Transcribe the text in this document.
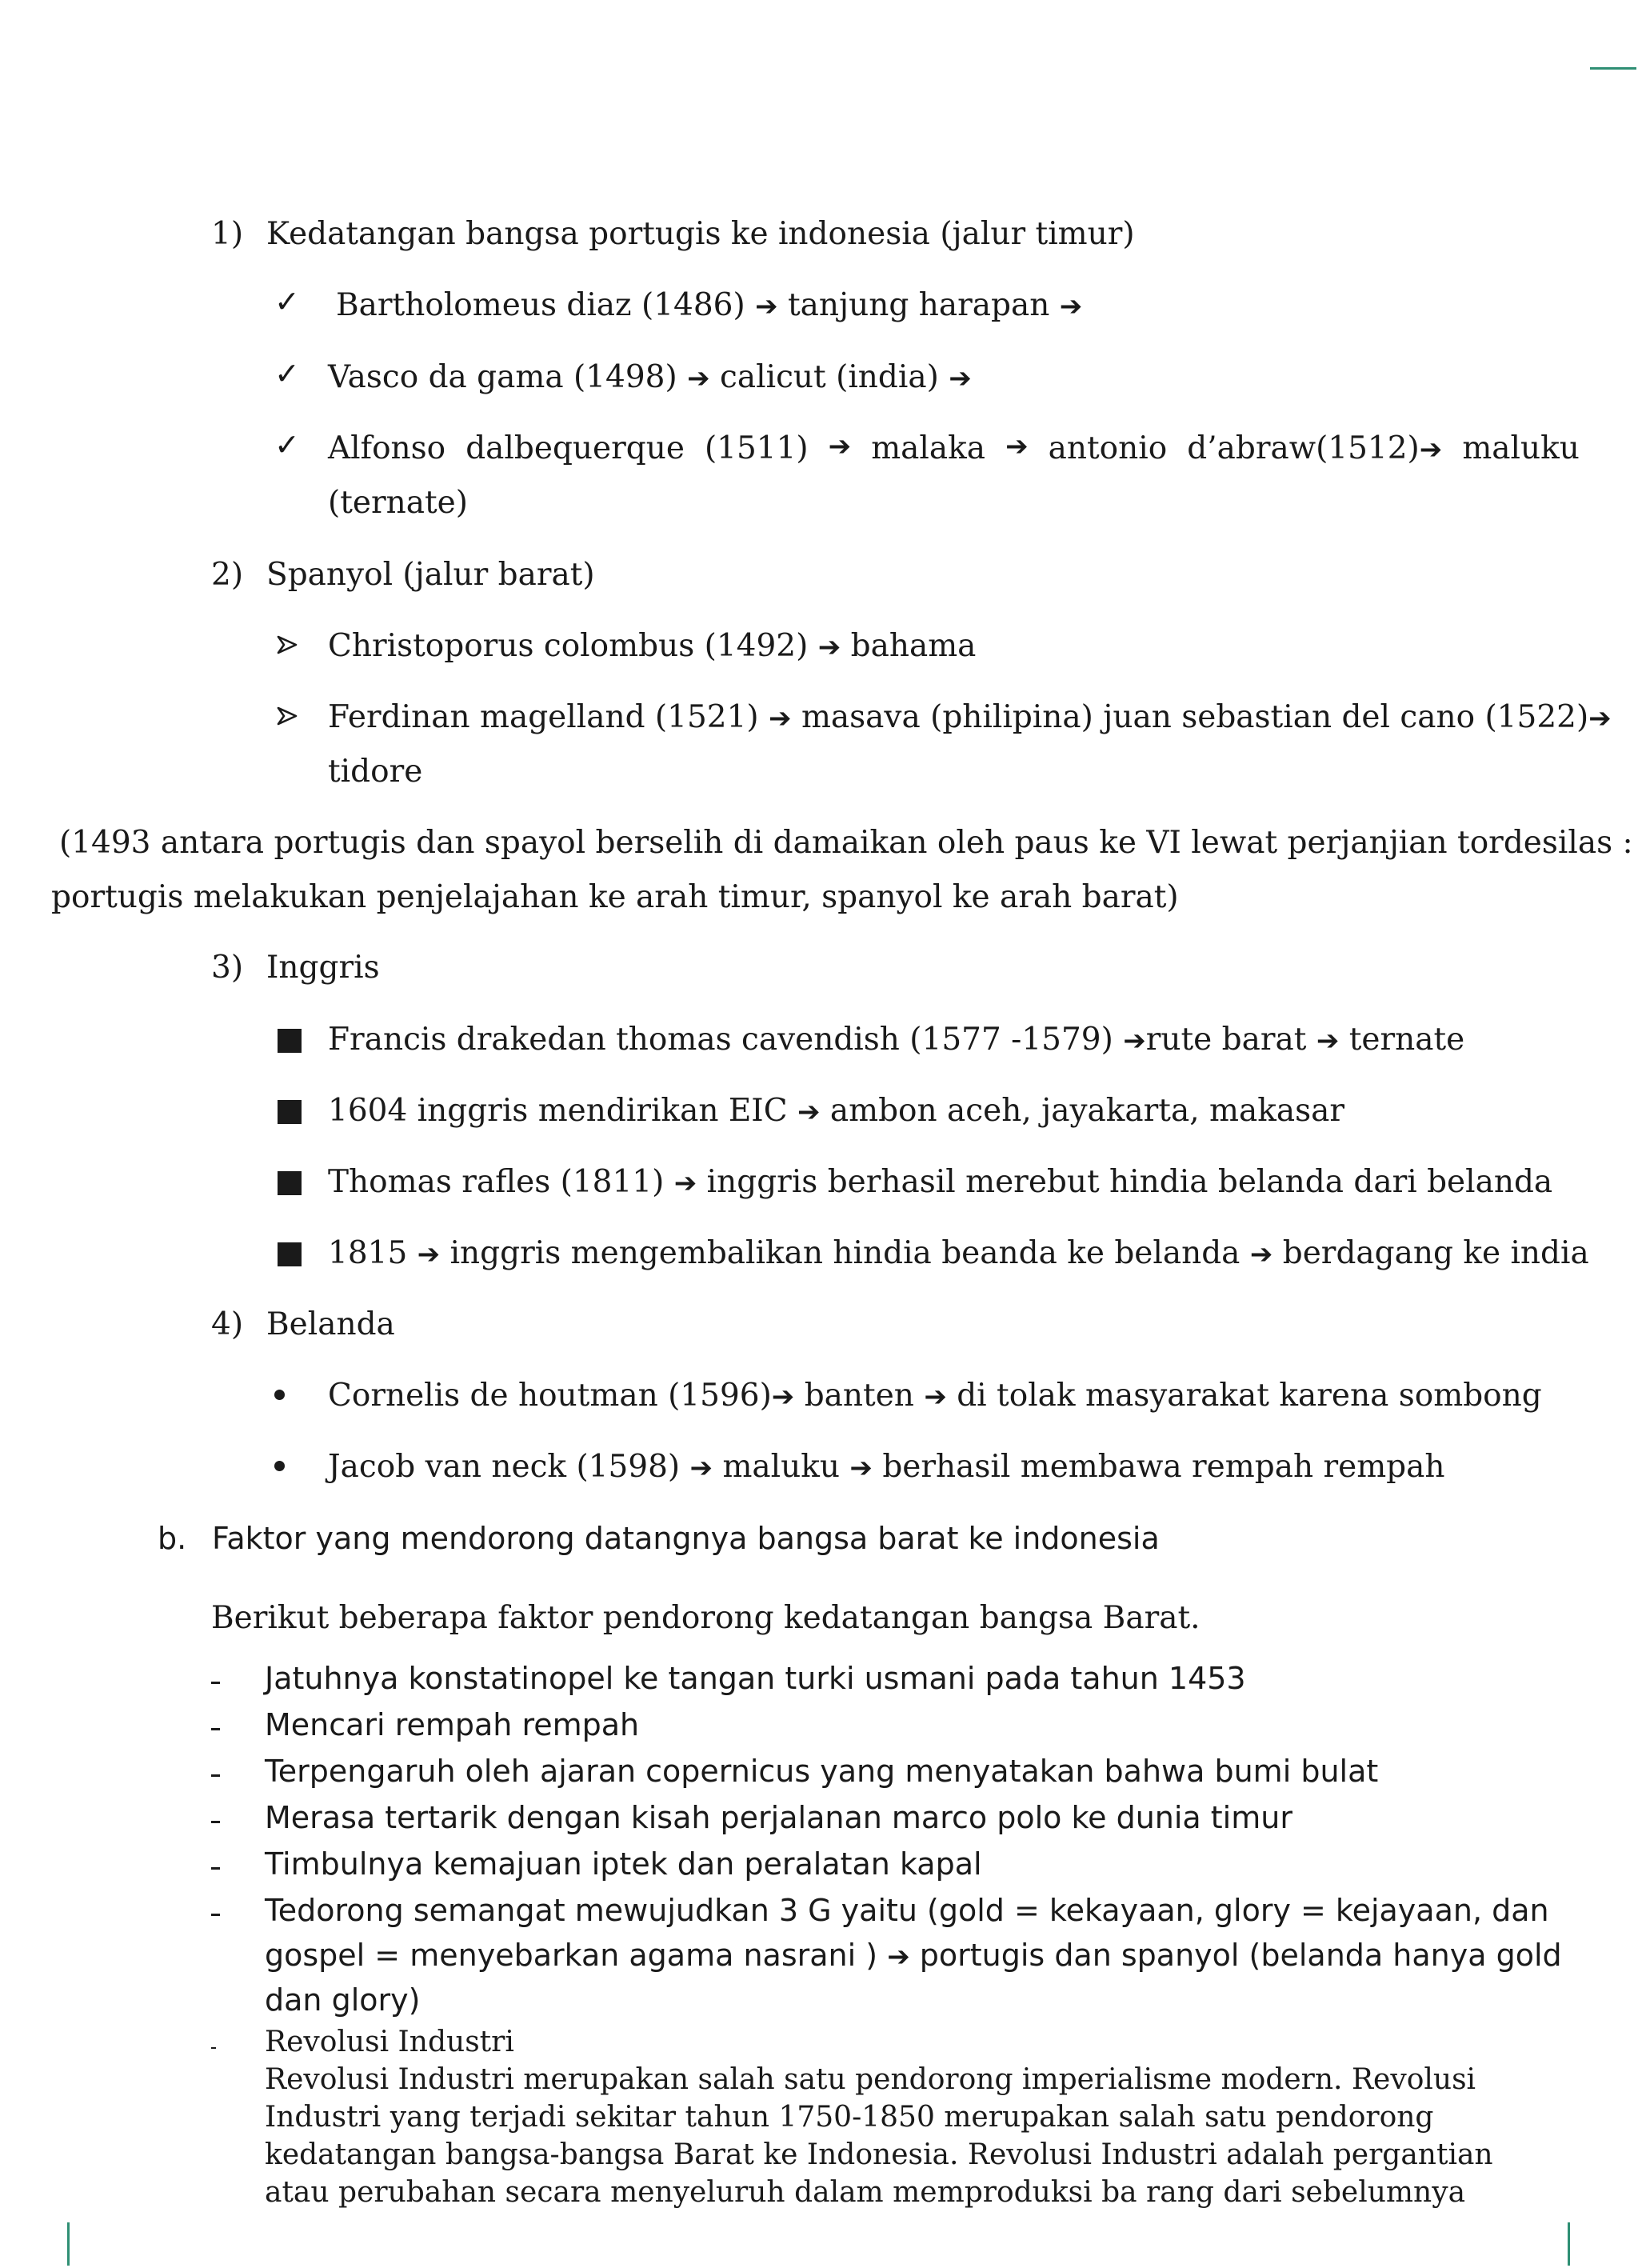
1) Kedatangan bangsa portugis ke indonesia (jalur timur)
✓ Bartholomeus diaz (1486) ➔ tanjung harapan ➔
✓ Vasco da gama (1498) ➔ calicut (india) ➔
✓ Alfonso dalbequerque (1511) ➔ malaka ➔ antonio d’abraw(1512)➔ maluku
(ternate)
2) Spanyol (jalur barat)
Christoporus colombus (1492) ➔ bahama
Ferdinan magelland (1521) ➔ masava (philipina) juan sebastian del cano (1522)➔
tidore
(1493 antara portugis dan spayol berselih di damaikan oleh paus ke VI lewat perjanjian tordesilas :
portugis melakukan penjelajahan ke arah timur, spanyol ke arah barat)
3) Inggris
Francis drakedan thomas cavendish (1577 -1579) ➔rute barat ➔ ternate
1604 inggris mendirikan EIC ➔ ambon aceh, jayakarta, makasar
Thomas rafles (1811) ➔ inggris berhasil merebut hindia belanda dari belanda
1815 ➔ inggris mengembalikan hindia beanda ke belanda ➔ berdagang ke india
4) Belanda
Cornelis de houtman (1596)➔ banten ➔ di tolak masyarakat karena sombong
Jacob van neck (1598) ➔ maluku ➔ berhasil membawa rempah rempah
b. Faktor yang mendorong datangnya bangsa barat ke indonesia
Berikut beberapa faktor pendorong kedatangan bangsa Barat.
Jatuhnya konstatinopel ke tangan turki usmani pada tahun 1453
Mencari rempah rempah
Terpengaruh oleh ajaran copernicus yang menyatakan bahwa bumi bulat
Merasa tertarik dengan kisah perjalanan marco polo ke dunia timur
Timbulnya kemajuan iptek dan peralatan kapal
Tedorong semangat mewujudkan 3 G yaitu (gold = kekayaan, glory = kejayaan, dan
gospel = menyebarkan agama nasrani ) ➔ portugis dan spanyol (belanda hanya gold
dan glory)
Revolusi Industri
Revolusi Industri merupakan salah satu pendorong imperialisme modern. Revolusi
Industri yang terjadi sekitar tahun 1750-1850 merupakan salah satu pendorong
kedatangan bangsa-bangsa Barat ke Indonesia. Revolusi Industri adalah pergantian
atau perubahan secara menyeluruh dalam memproduksi ba rang dari sebelumnya
